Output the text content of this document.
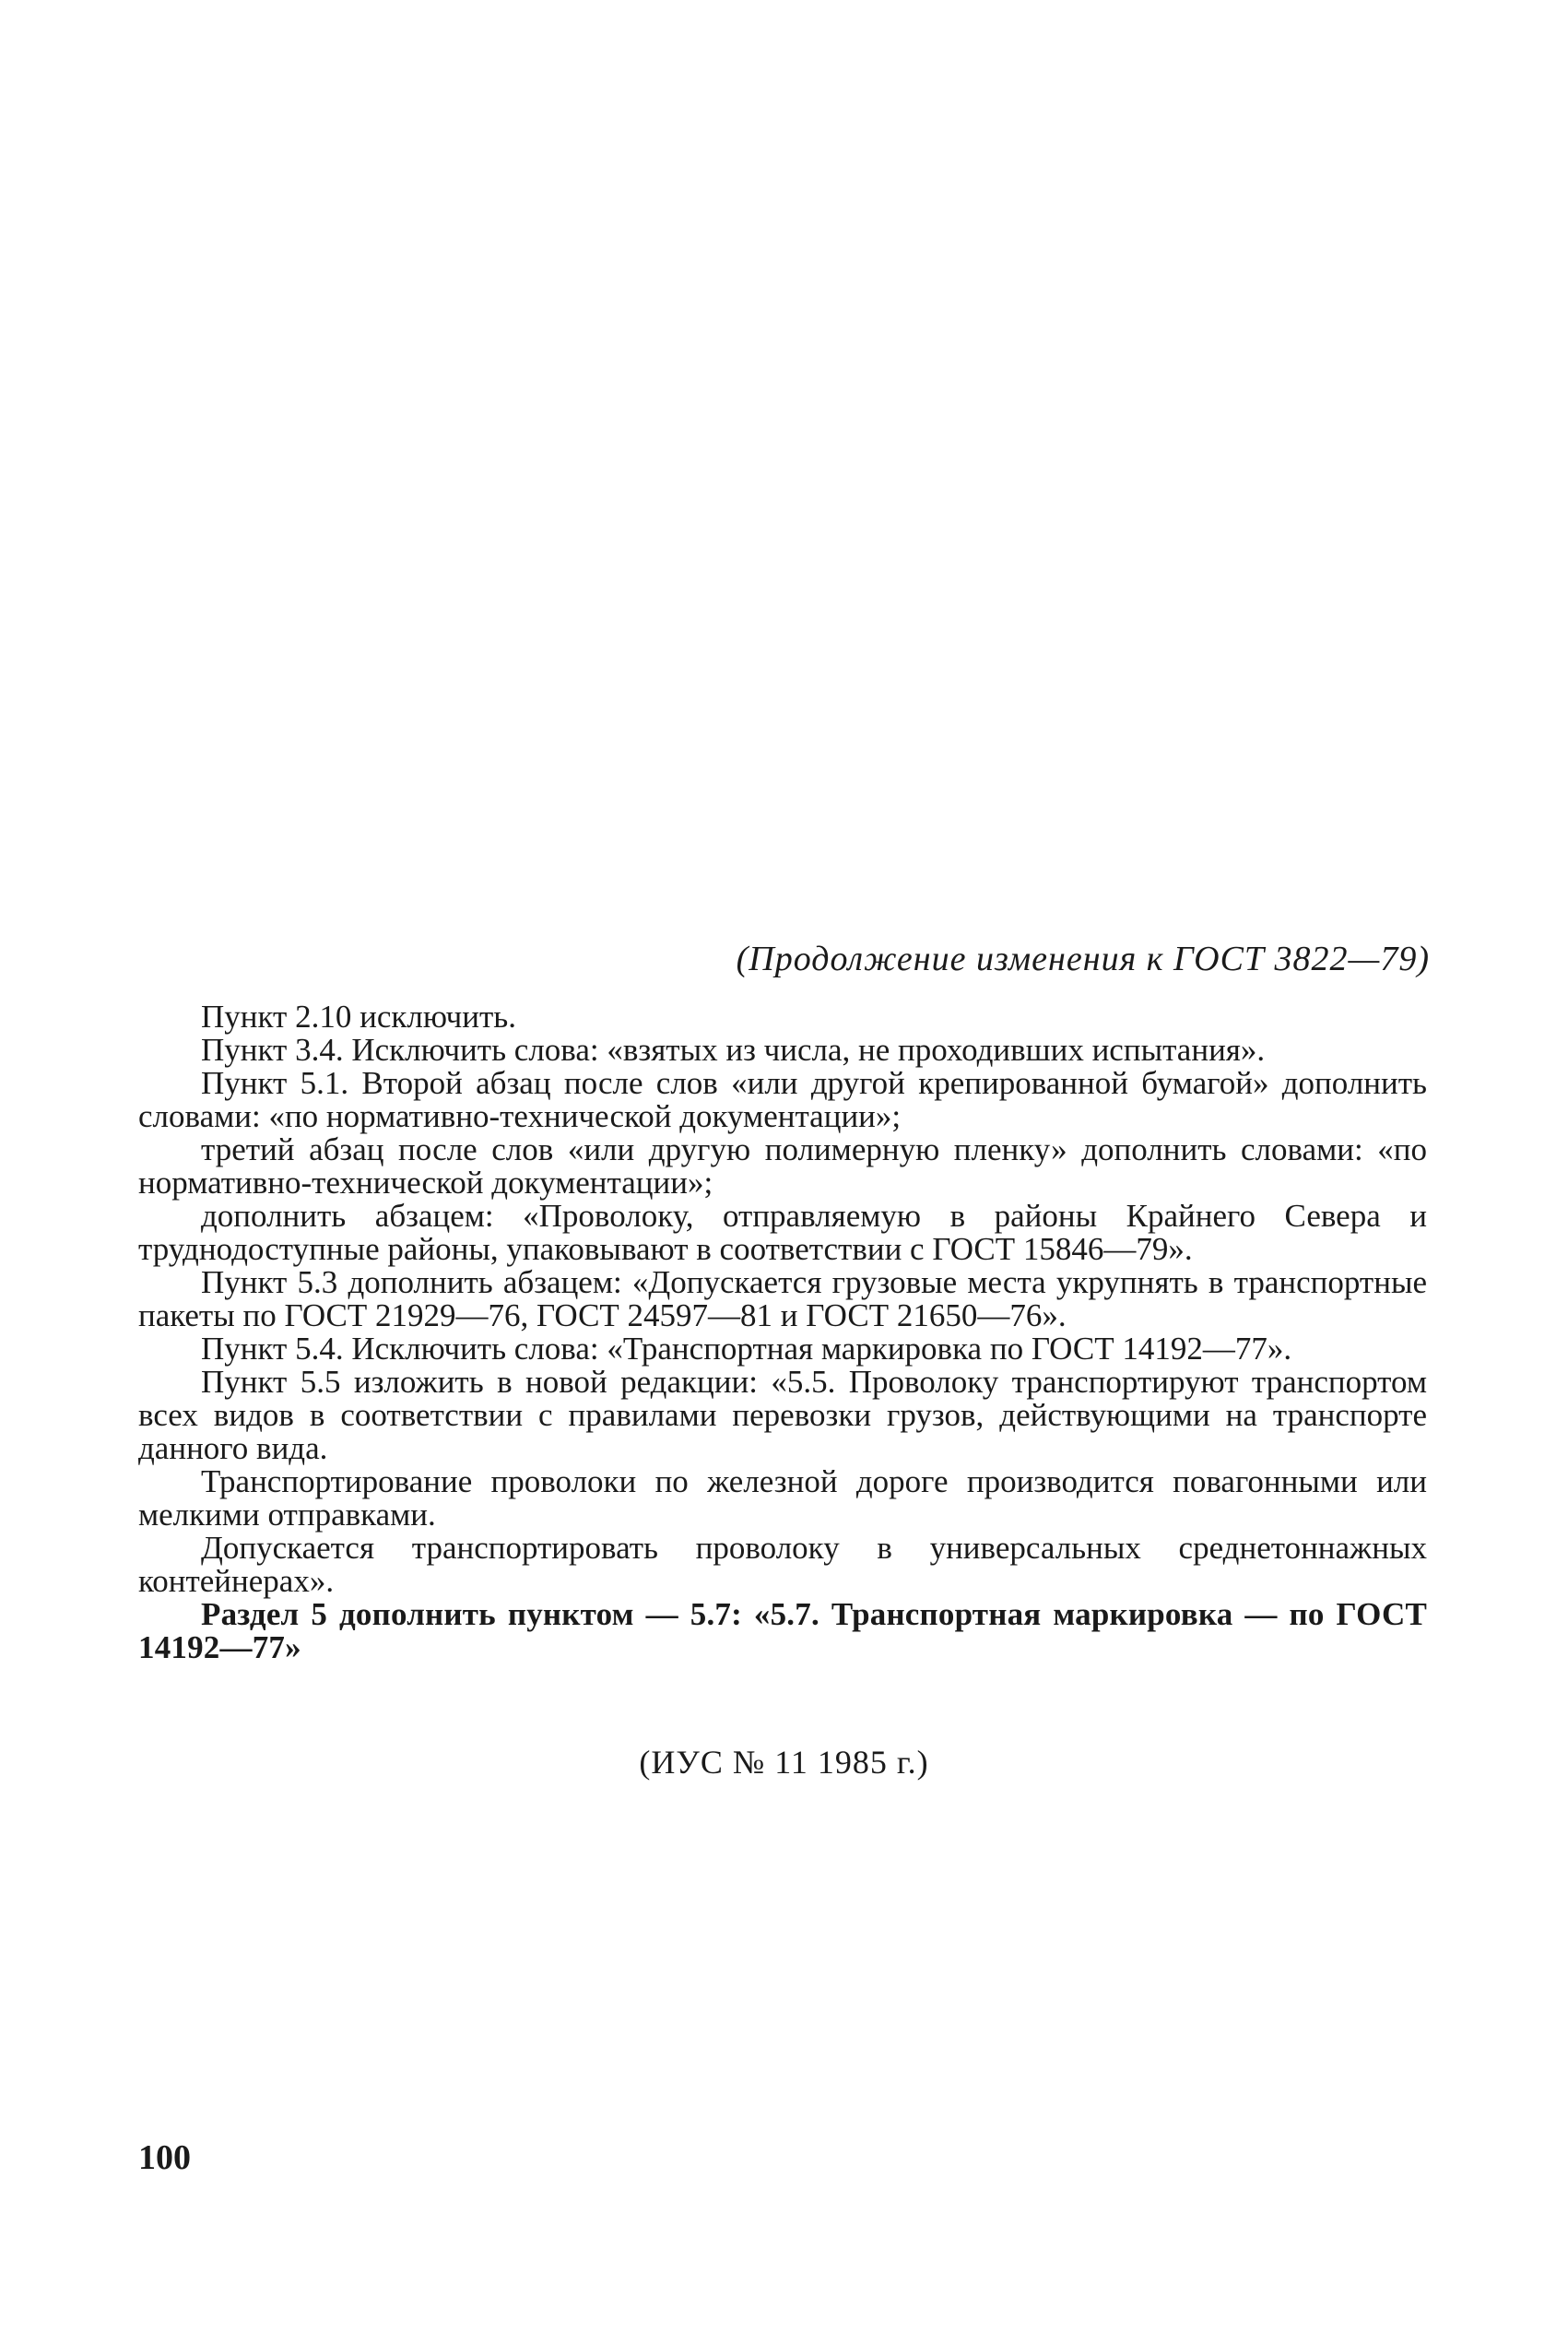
(Продолжение изменения к ГОСТ 3822—79)

Пункт 2.10 исключить.

Пункт 3.4. Исключить слова: «взятых из числа, не проходивших испытания».

Пункт 5.1. Второй абзац после слов «или другой крепированной бумагой» дополнить словами: «по нормативно-технической документации»;

третий абзац после слов «или другую полимерную пленку» дополнить словами: «по нормативно-технической документации»;

дополнить абзацем: «Проволоку, отправляемую в районы Крайнего Севера и труднодоступные районы, упаковывают в соответствии с ГОСТ 15846—79».

Пункт 5.3 дополнить абзацем: «Допускается грузовые места укрупнять в транспортные пакеты по ГОСТ 21929—76, ГОСТ 24597—81 и ГОСТ 21650—76».

Пункт 5.4. Исключить слова: «Транспортная маркировка по ГОСТ 14192—77».

Пункт 5.5 изложить в новой редакции: «5.5. Проволоку транспортируют транспортом всех видов в соответствии с правилами перевозки грузов, действующими на транспорте данного вида.

Транспортирование проволоки по железной дороге производится повагонными или мелкими отправками.

Допускается транспортировать проволоку в универсальных среднетоннажных контейнерах».

Раздел 5 дополнить пунктом — 5.7: «5.7. Транспортная маркировка — по ГОСТ 14192—77»

(ИУС № 11 1985 г.)
100
